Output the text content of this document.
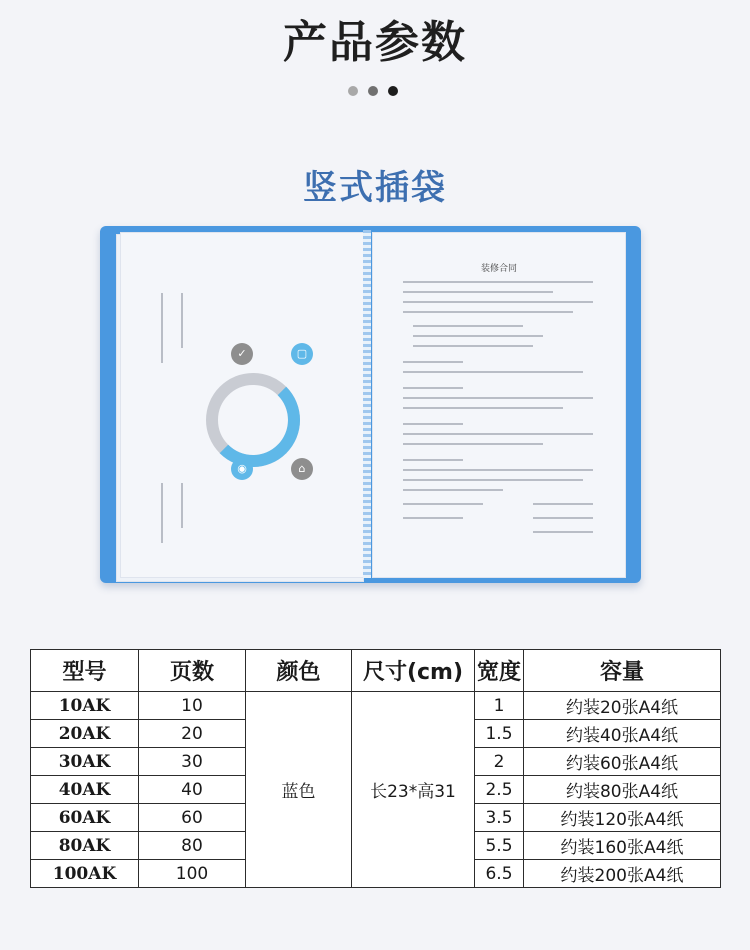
产品参数
竖式插袋
✓	▢
◉	⌂
装修合同
型号	页数	颜色	尺寸(cm)	宽度	容量
10AK	10	蓝色	长23*高31	1	约装20张A4纸
20AK	20			1.5	约装40张A4纸
30AK	30			2	约装60张A4纸
40AK	40			2.5	约装80张A4纸
60AK	60			3.5	约装120张A4纸
80AK	80			5.5	约装160张A4纸
100AK	100			6.5	约装200张A4纸
